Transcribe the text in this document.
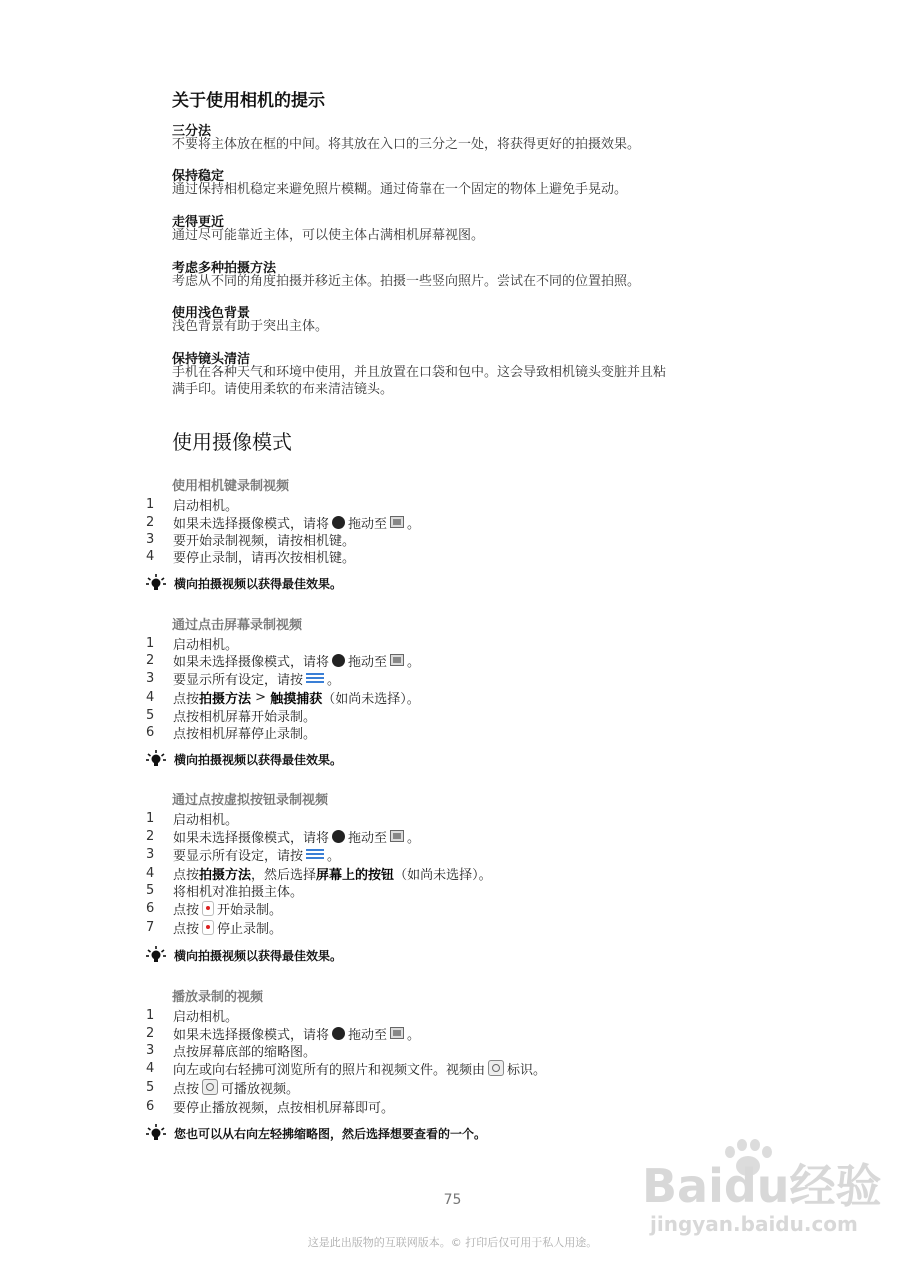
关于使用相机的提示
三分法
不要将主体放在框的中间。将其放在入口的三分之一处，将获得更好的拍摄效果。
保持稳定
通过保持相机稳定来避免照片模糊。通过倚靠在一个固定的物体上避免手晃动。
走得更近
通过尽可能靠近主体，可以使主体占满相机屏幕视图。
考虑多种拍摄方法
考虑从不同的角度拍摄并移近主体。拍摄一些竖向照片。尝试在不同的位置拍照。
使用浅色背景
浅色背景有助于突出主体。
保持镜头清洁
手机在各种天气和环境中使用，并且放置在口袋和包中。这会导致相机镜头变脏并且粘
满手印。请使用柔软的布来清洁镜头。
使用摄像模式
使用相机键录制视频
1	启动相机。
2	如果未选择摄像模式，请将 拖动至 。
3	要开始录制视频，请按相机键。
4	要停止录制，请再次按相机键。
横向拍摄视频以获得最佳效果。
通过点击屏幕录制视频
1	启动相机。
2	如果未选择摄像模式，请将 拖动至 。
3	要显示所有设定，请按 。
4	点按 拍摄方法 > 触摸捕获 （如尚未选择）。
5	点按相机屏幕开始录制。
6	点按相机屏幕停止录制。
横向拍摄视频以获得最佳效果。
通过点按虚拟按钮录制视频
1	启动相机。
2	如果未选择摄像模式，请将 拖动至 。
3	要显示所有设定，请按 。
4	点按 拍摄方法 ，然后选择 屏幕上的按钮 （如尚未选择）。
5	将相机对准拍摄主体。
6	点按 开始录制。
7	点按 停止录制。
横向拍摄视频以获得最佳效果。
播放录制的视频
1	启动相机。
2	如果未选择摄像模式，请将 拖动至 。
3	点按屏幕底部的缩略图。
4	向左或向右轻拂可浏览所有的照片和视频文件。视频由 标识。
5	点按 可播放视频。
6	要停止播放视频，点按相机屏幕即可。
您也可以从右向左轻拂缩略图，然后选择想要查看的一个。
Baidu经验
jingyan.baidu.com
75
这是此出版物的互联网版本。© 打印后仅可用于私人用途。
